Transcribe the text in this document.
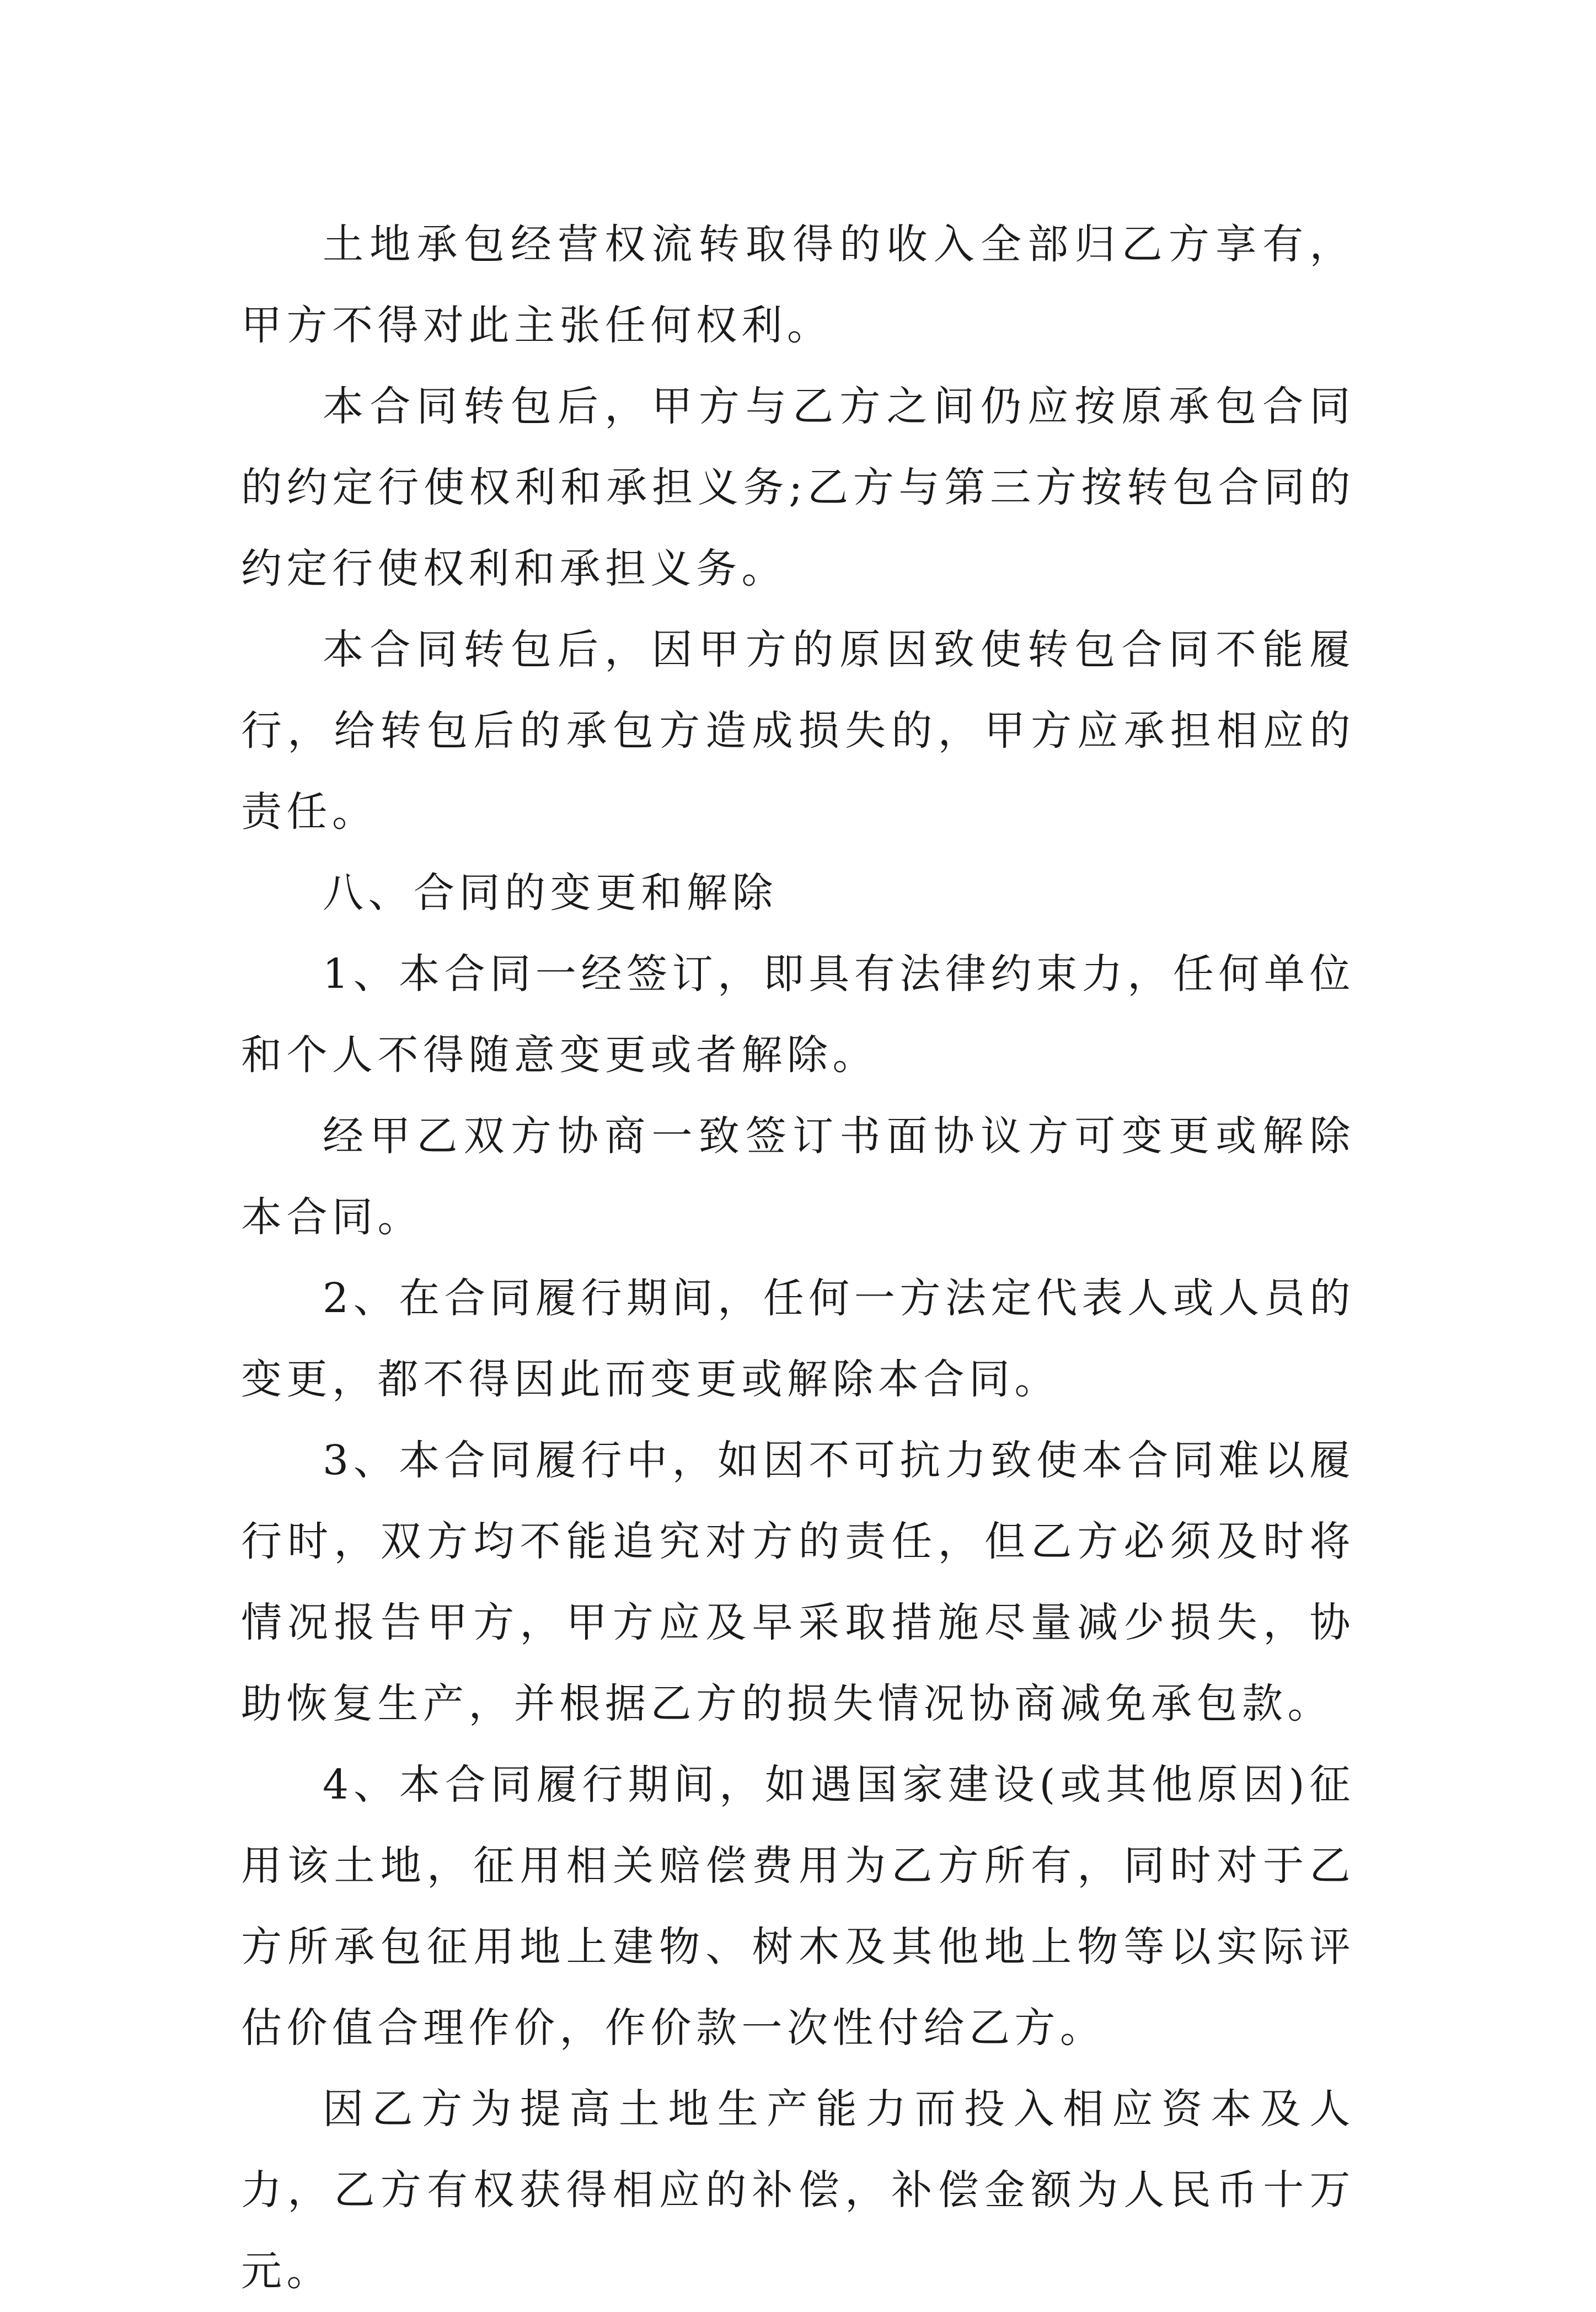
土地承包经营权流转取得的收入全部归乙方享有，甲方不得对此主张任何权利。

本合同转包后，甲方与乙方之间仍应按原承包合同的约定行使权利和承担义务;乙方与第三方按转包合同的约定行使权利和承担义务。

本合同转包后，因甲方的原因致使转包合同不能履行，给转包后的承包方造成损失的，甲方应承担相应的责任。

八、合同的变更和解除

1、本合同一经签订，即具有法律约束力，任何单位和个人不得随意变更或者解除。

经甲乙双方协商一致签订书面协议方可变更或解除本合同。

2、在合同履行期间，任何一方法定代表人或人员的变更，都不得因此而变更或解除本合同。

3、本合同履行中，如因不可抗力致使本合同难以履行时，双方均不能追究对方的责任，但乙方必须及时将情况报告甲方，甲方应及早采取措施尽量减少损失，协助恢复生产，并根据乙方的损失情况协商减免承包款。

4、本合同履行期间，如遇国家建设(或其他原因)征用该土地，征用相关赔偿费用为乙方所有，同时对于乙方所承包征用地上建物、树木及其他地上物等以实际评估价值合理作价，作价款一次性付给乙方。

因乙方为提高土地生产能力而投入相应资本及人力，乙方有权获得相应的补偿，补偿金额为人民币十万元。
